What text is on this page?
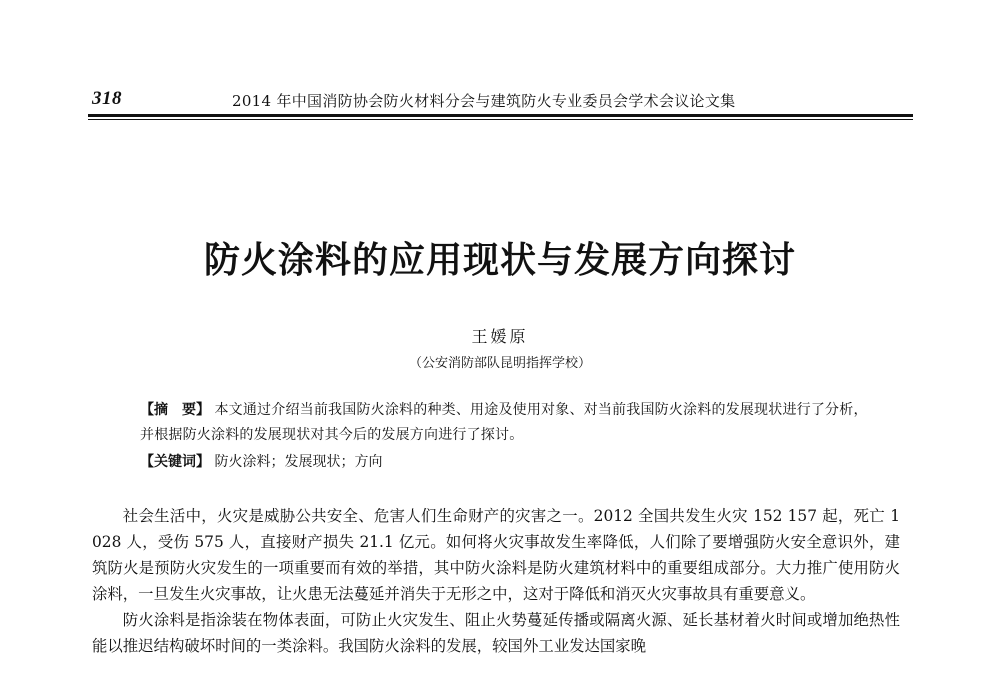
318	2014 年中国消防协会防火材料分会与建筑防火专业委员会学术会议论文集
防火涂料的应用现状与发展方向探讨
王媛原
（公安消防部队昆明指挥学校）
【摘　要】 本文通过介绍当前我国防火涂料的种类、用途及使用对象、对当前我国防火涂料的发展现状进行了分析，并根据防火涂料的发展现状对其今后的发展方向进行了探讨。
【关键词】 防火涂料；发展现状；方向

社会生活中，火灾是威胁公共安全、危害人们生命财产的灾害之一。2012 全国共发生火灾 152 157 起，死亡 1 028 人，受伤 575 人，直接财产损失 21.1 亿元。如何将火灾事故发生率降低，人们除了要增强防火安全意识外，建筑防火是预防火灾发生的一项重要而有效的举措，其中防火涂料是防火建筑材料中的重要组成部分。大力推广使用防火涂料，一旦发生火灾事故，让火患无法蔓延并消失于无形之中，这对于降低和消灭火灾事故具有重要意义。

防火涂料是指涂装在物体表面，可防止火灾发生、阻止火势蔓延传播或隔离火源、延长基材着火时间或增加绝热性能以推迟结构破坏时间的一类涂料。我国防火涂料的发展，较国外工业发达国家晚
